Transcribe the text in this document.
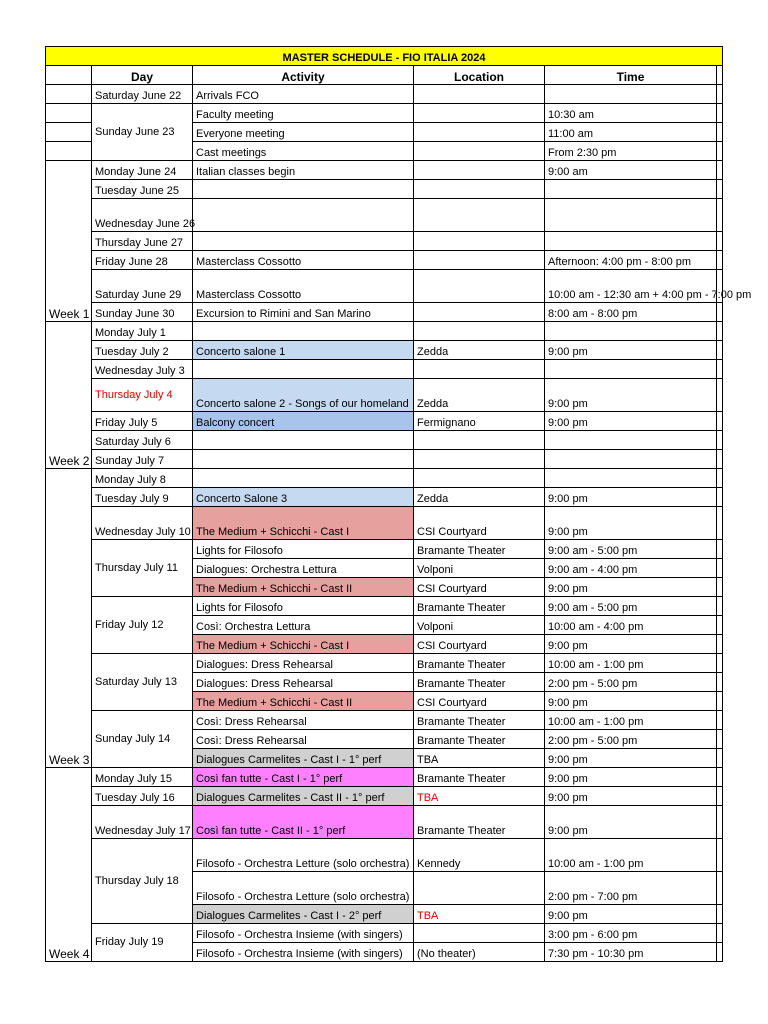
MASTER SCHEDULE - FIO ITALIA 2024					
	Day	Activity	Location	Time	
	Saturday June 22	Arrivals FCO			
	Sunday June 23	Faculty meeting		10:30 am	
		Everyone meeting		11:00 am	
		Cast meetings		From 2:30 pm	
Week 1	Monday June 24	Italian classes begin		9:00 am	
	Tuesday June 25				
	Wednesday June 26				
	Thursday June 27				
	Friday June 28	Masterclass Cossotto		Afternoon: 4:00 pm - 8:00 pm	
	Saturday June 29	Masterclass Cossotto		10:00 am - 12:30 am + 4:00 pm - 7:00 pm	
	Sunday June 30	Excursion to Rimini and San Marino		8:00 am - 8:00 pm	
Week 2	Monday July 1				
	Tuesday July 2	Concerto salone 1	Zedda	9:00 pm	
	Wednesday July 3				
	Thursday July 4	Concerto salone 2 - Songs of our homeland	Zedda	9:00 pm	
	Friday July 5	Balcony concert	Fermignano	9:00 pm	
	Saturday July 6				
	Sunday July 7				
Week 3	Monday July 8				
	Tuesday July 9	Concerto Salone 3	Zedda	9:00 pm	
	Wednesday July 10	The Medium + Schicchi - Cast I	CSI Courtyard	9:00 pm	
	Thursday July 11	Lights for Filosofo	Bramante Theater	9:00 am - 5:00 pm	
		Dialogues: Orchestra Lettura	Volponi	9:00 am - 4:00 pm	
		The Medium + Schicchi - Cast II	CSI Courtyard	9:00 pm	
	Friday July 12	Lights for Filosofo	Bramante Theater	9:00 am - 5:00 pm	
		Così: Orchestra Lettura	Volponi	10:00 am - 4:00 pm	
		The Medium + Schicchi - Cast I	CSI Courtyard	9:00 pm	
	Saturday July 13	Dialogues: Dress Rehearsal	Bramante Theater	10:00 am - 1:00 pm	
		Dialogues: Dress Rehearsal	Bramante Theater	2:00 pm - 5:00 pm	
		The Medium + Schicchi - Cast II	CSI Courtyard	9:00 pm	
	Sunday July 14	Così: Dress Rehearsal	Bramante Theater	10:00 am - 1:00 pm	
		Così: Dress Rehearsal	Bramante Theater	2:00 pm - 5:00 pm	
		Dialogues Carmelites - Cast I - 1° perf	TBA	9:00 pm	
Week 4	Monday July 15	Così fan tutte - Cast I - 1° perf	Bramante Theater	9:00 pm	
	Tuesday July 16	Dialogues Carmelites - Cast II - 1° perf	TBA	9:00 pm	
	Wednesday July 17	Così fan tutte - Cast II - 1° perf	Bramante Theater	9:00 pm	
	Thursday July 18	Filosofo - Orchestra Letture (solo orchestra)	Kennedy	10:00 am - 1:00 pm	
		Filosofo - Orchestra Letture (solo orchestra)		2:00 pm - 7:00 pm	
		Dialogues Carmelites - Cast I - 2° perf	TBA	9:00 pm	
	Friday July 19	Filosofo - Orchestra Insieme (with singers)		3:00 pm - 6:00 pm	
		Filosofo - Orchestra Insieme (with singers)	(No theater)	7:30 pm - 10:30 pm	
